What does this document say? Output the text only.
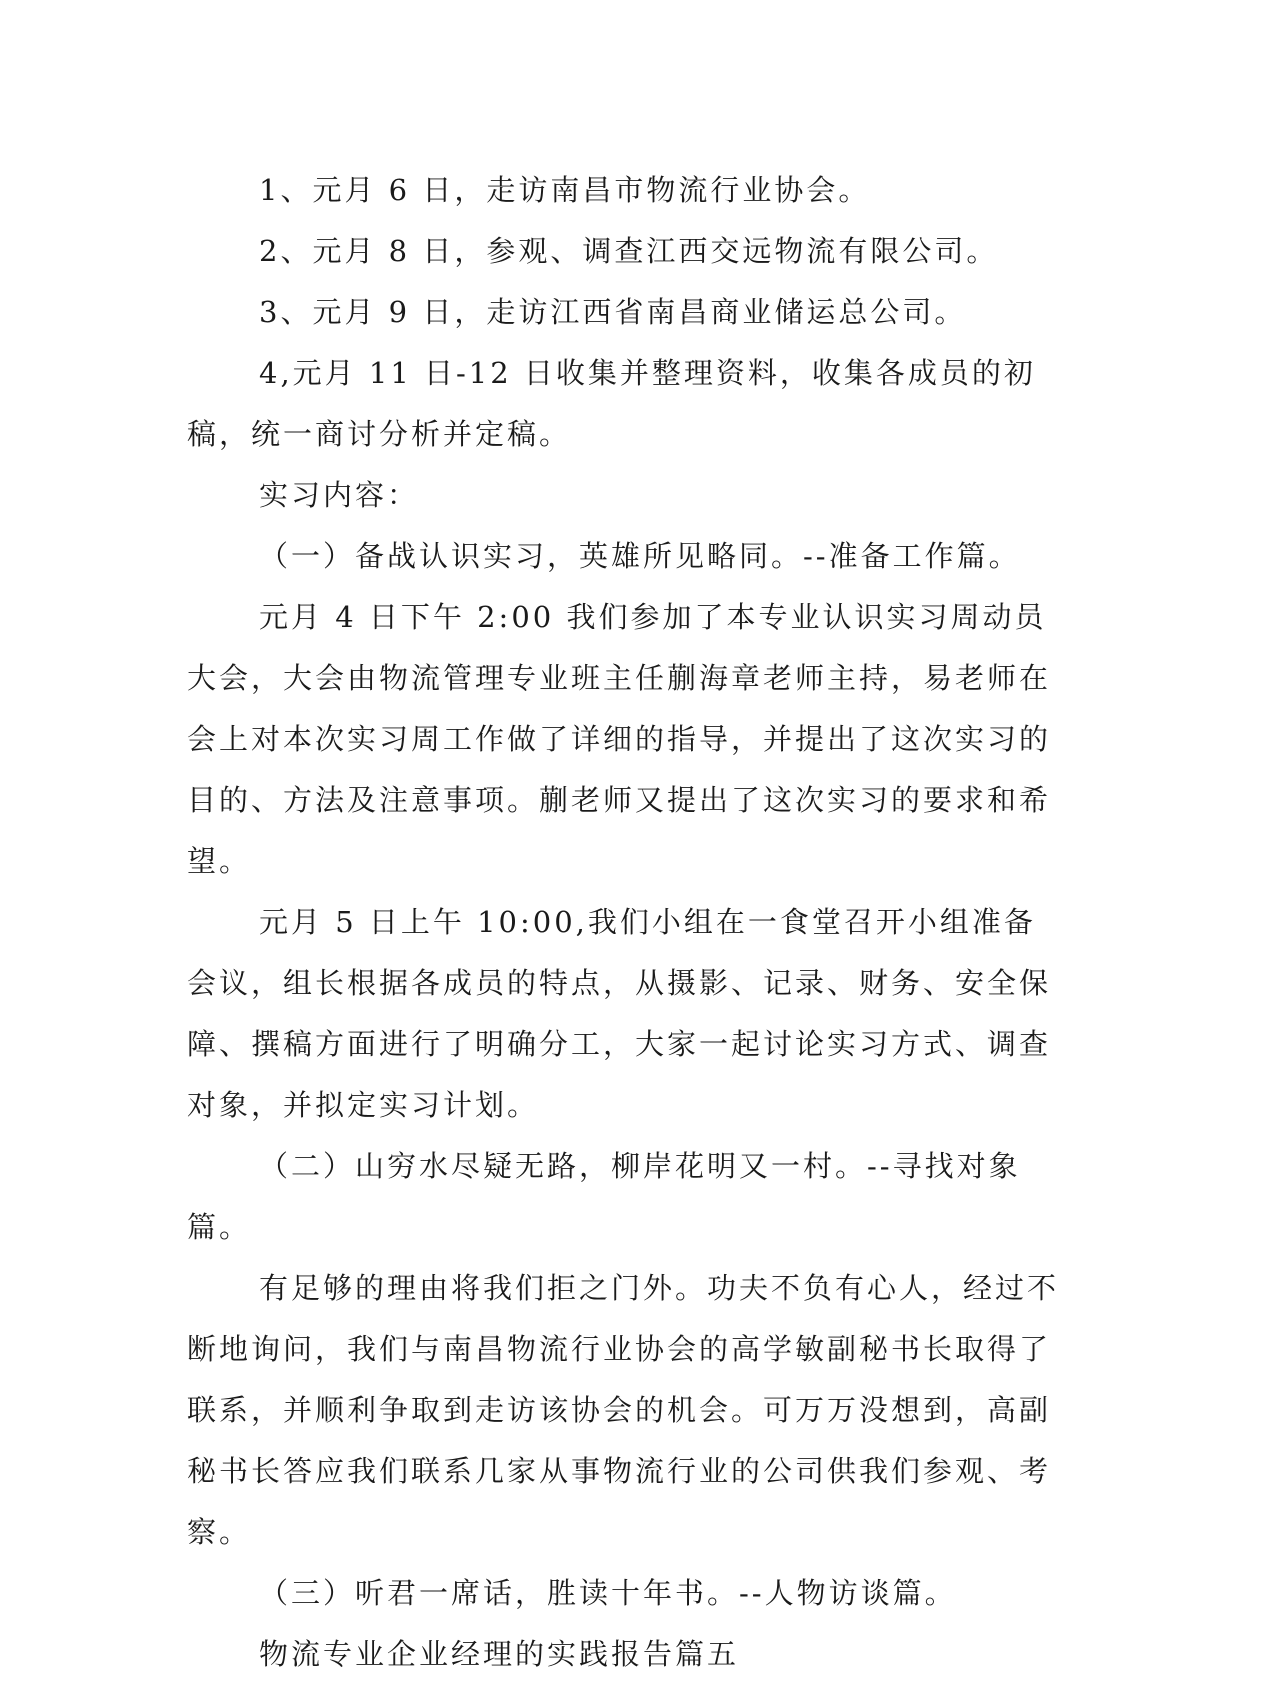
1、元月 6 日，走访南昌市物流行业协会。

2、元月 8 日，参观、调查江西交远物流有限公司。

3、元月 9 日，走访江西省南昌商业储运总公司。

4,元月 11 日-12 日收集并整理资料，收集各成员的初稿，统一商讨分析并定稿。

实习内容：

（一）备战认识实习，英雄所见略同。--准备工作篇。

元月 4 日下午 2:00 我们参加了本专业认识实习周动员大会，大会由物流管理专业班主任蒯海章老师主持，易老师在会上对本次实习周工作做了详细的指导，并提出了这次实习的目的、方法及注意事项。蒯老师又提出了这次实习的要求和希望。

元月 5 日上午 10:00,我们小组在一食堂召开小组准备会议，组长根据各成员的特点，从摄影、记录、财务、安全保障、撰稿方面进行了明确分工，大家一起讨论实习方式、调查对象，并拟定实习计划。

（二）山穷水尽疑无路，柳岸花明又一村。--寻找对象篇。

有足够的理由将我们拒之门外。功夫不负有心人，经过不断地询问，我们与南昌物流行业协会的高学敏副秘书长取得了联系，并顺利争取到走访该协会的机会。可万万没想到，高副秘书长答应我们联系几家从事物流行业的公司供我们参观、考察。

（三）听君一席话，胜读十年书。--人物访谈篇。

物流专业企业经理的实践报告篇五
